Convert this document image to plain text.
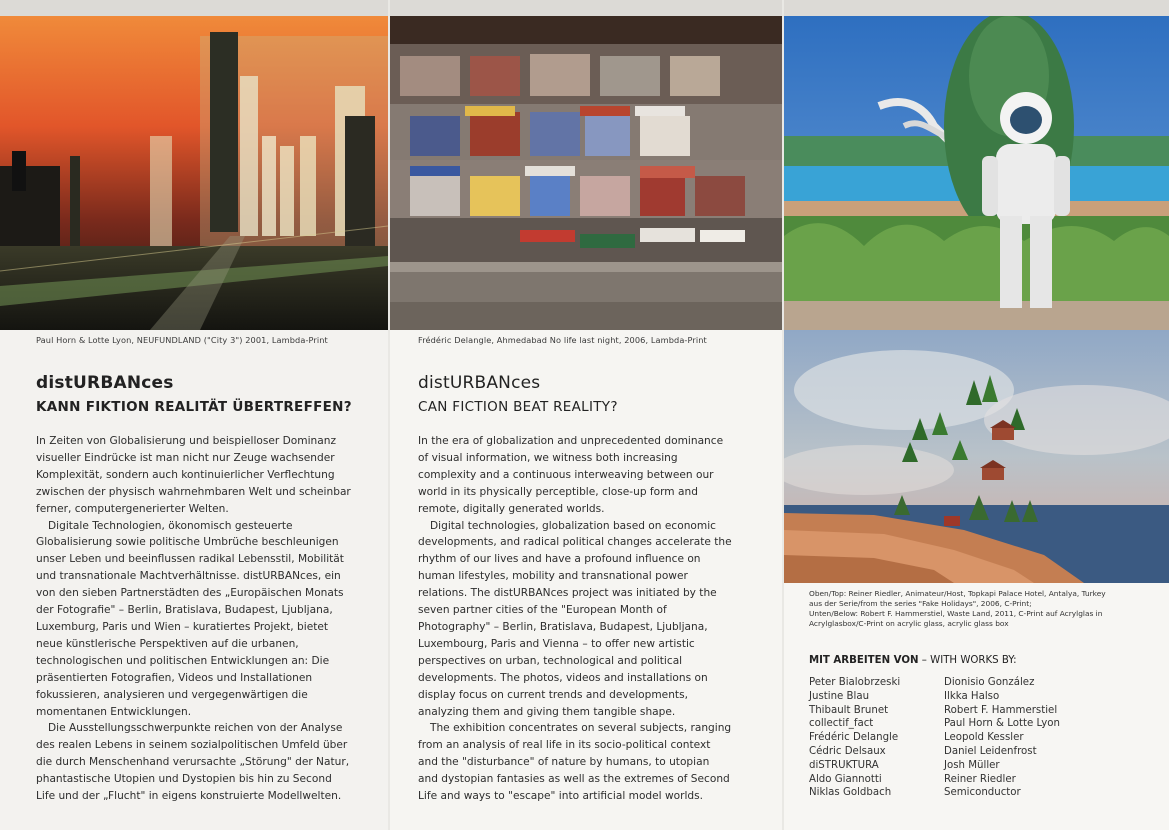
Paul Horn & Lotte Lyon, NEUFUNDLAND ("City 3") 2001, Lambda-Print
distURBANces
KANN FIKTION REALITÄT ÜBERTREFFEN?

In Zeiten von Globalisierung und beispielloser Dominanz visueller Eindrücke ist man nicht nur Zeuge wachsender Komplexität, sondern auch kontinuierlicher Verflechtung zwischen der physisch wahrnehmbaren Welt und scheinbar ferner, computergenerierter Welten.

Digitale Technologien, ökonomisch gesteuerte Globalisierung sowie politische Umbrüche beschleunigen unser Leben und beeinflussen radikal Lebensstil, Mobilität und transnationale Machtverhältnisse. distURBANces, ein von den sieben Partnerstädten des „Europäischen Monats der Fotografie" – Berlin, Bratislava, Budapest, Ljubljana, Luxemburg, Paris und Wien – kuratiertes Projekt, bietet neue künstlerische Perspektiven auf die urbanen, technologischen und politischen Entwicklungen an: Die präsentierten Fotografien, Videos und Installationen fokussieren, analysieren und vergegenwärtigen die momentanen Entwicklungen.

Die Ausstellungsschwerpunkte reichen von der Analyse des realen Lebens in seinem sozialpolitischen Umfeld über die durch Menschenhand verursachte „Störung" der Natur, phantastische Utopien und Dystopien bis hin zu Second Life und der „Flucht" in eigens konstruierte Modellwelten.

Frédéric Delangle, Ahmedabad No life last night, 2006, Lambda-Print
distURBANces
CAN FICTION BEAT REALITY?

In the era of globalization and unprecedented dominance of visual information, we witness both increasing complexity and a continuous interweaving between our world in its physically perceptible, close-up form and remote, digitally generated worlds.

Digital technologies, globalization based on economic developments, and radical political changes accelerate the rhythm of our lives and have a profound influence on human lifestyles, mobility and transnational power relations. The distURBANces project was initiated by the seven partner cities of the "European Month of Photography" – Berlin, Bratislava, Budapest, Ljubljana, Luxembourg, Paris and Vienna – to offer new artistic perspectives on urban, technological and political developments. The photos, videos and installations on display focus on current trends and developments, analyzing them and giving them tangible shape.

The exhibition concentrates on several subjects, ranging from an analysis of real life in its socio-political context and the "disturbance" of nature by humans, to utopian and dystopian fantasies as well as the extremes of Second Life and ways to "escape" into artificial model worlds.

Oben/Top: Reiner Riedler, Animateur/Host, Topkapi Palace Hotel, Antalya, Turkey
aus der Serie/from the series "Fake Holidays", 2006, C-Print;
Unten/Below: Robert F. Hammerstiel, Waste Land, 2011, C-Print auf Acrylglas in
Acrylglasbox/C-Print on acrylic glass, acrylic glass box
MIT ARBEITEN VON – WITH WORKS BY:
Peter Bialobrzeski
Justine Blau
Thibault Brunet
collectif_fact
Frédéric Delangle
Cédric Delsaux
diSTRUKTURA
Aldo Giannotti
Niklas Goldbach
Dionisio González
Ilkka Halso
Robert F. Hammerstiel
Paul Horn & Lotte Lyon
Leopold Kessler
Daniel Leidenfrost
Josh Müller
Reiner Riedler
Semiconductor
